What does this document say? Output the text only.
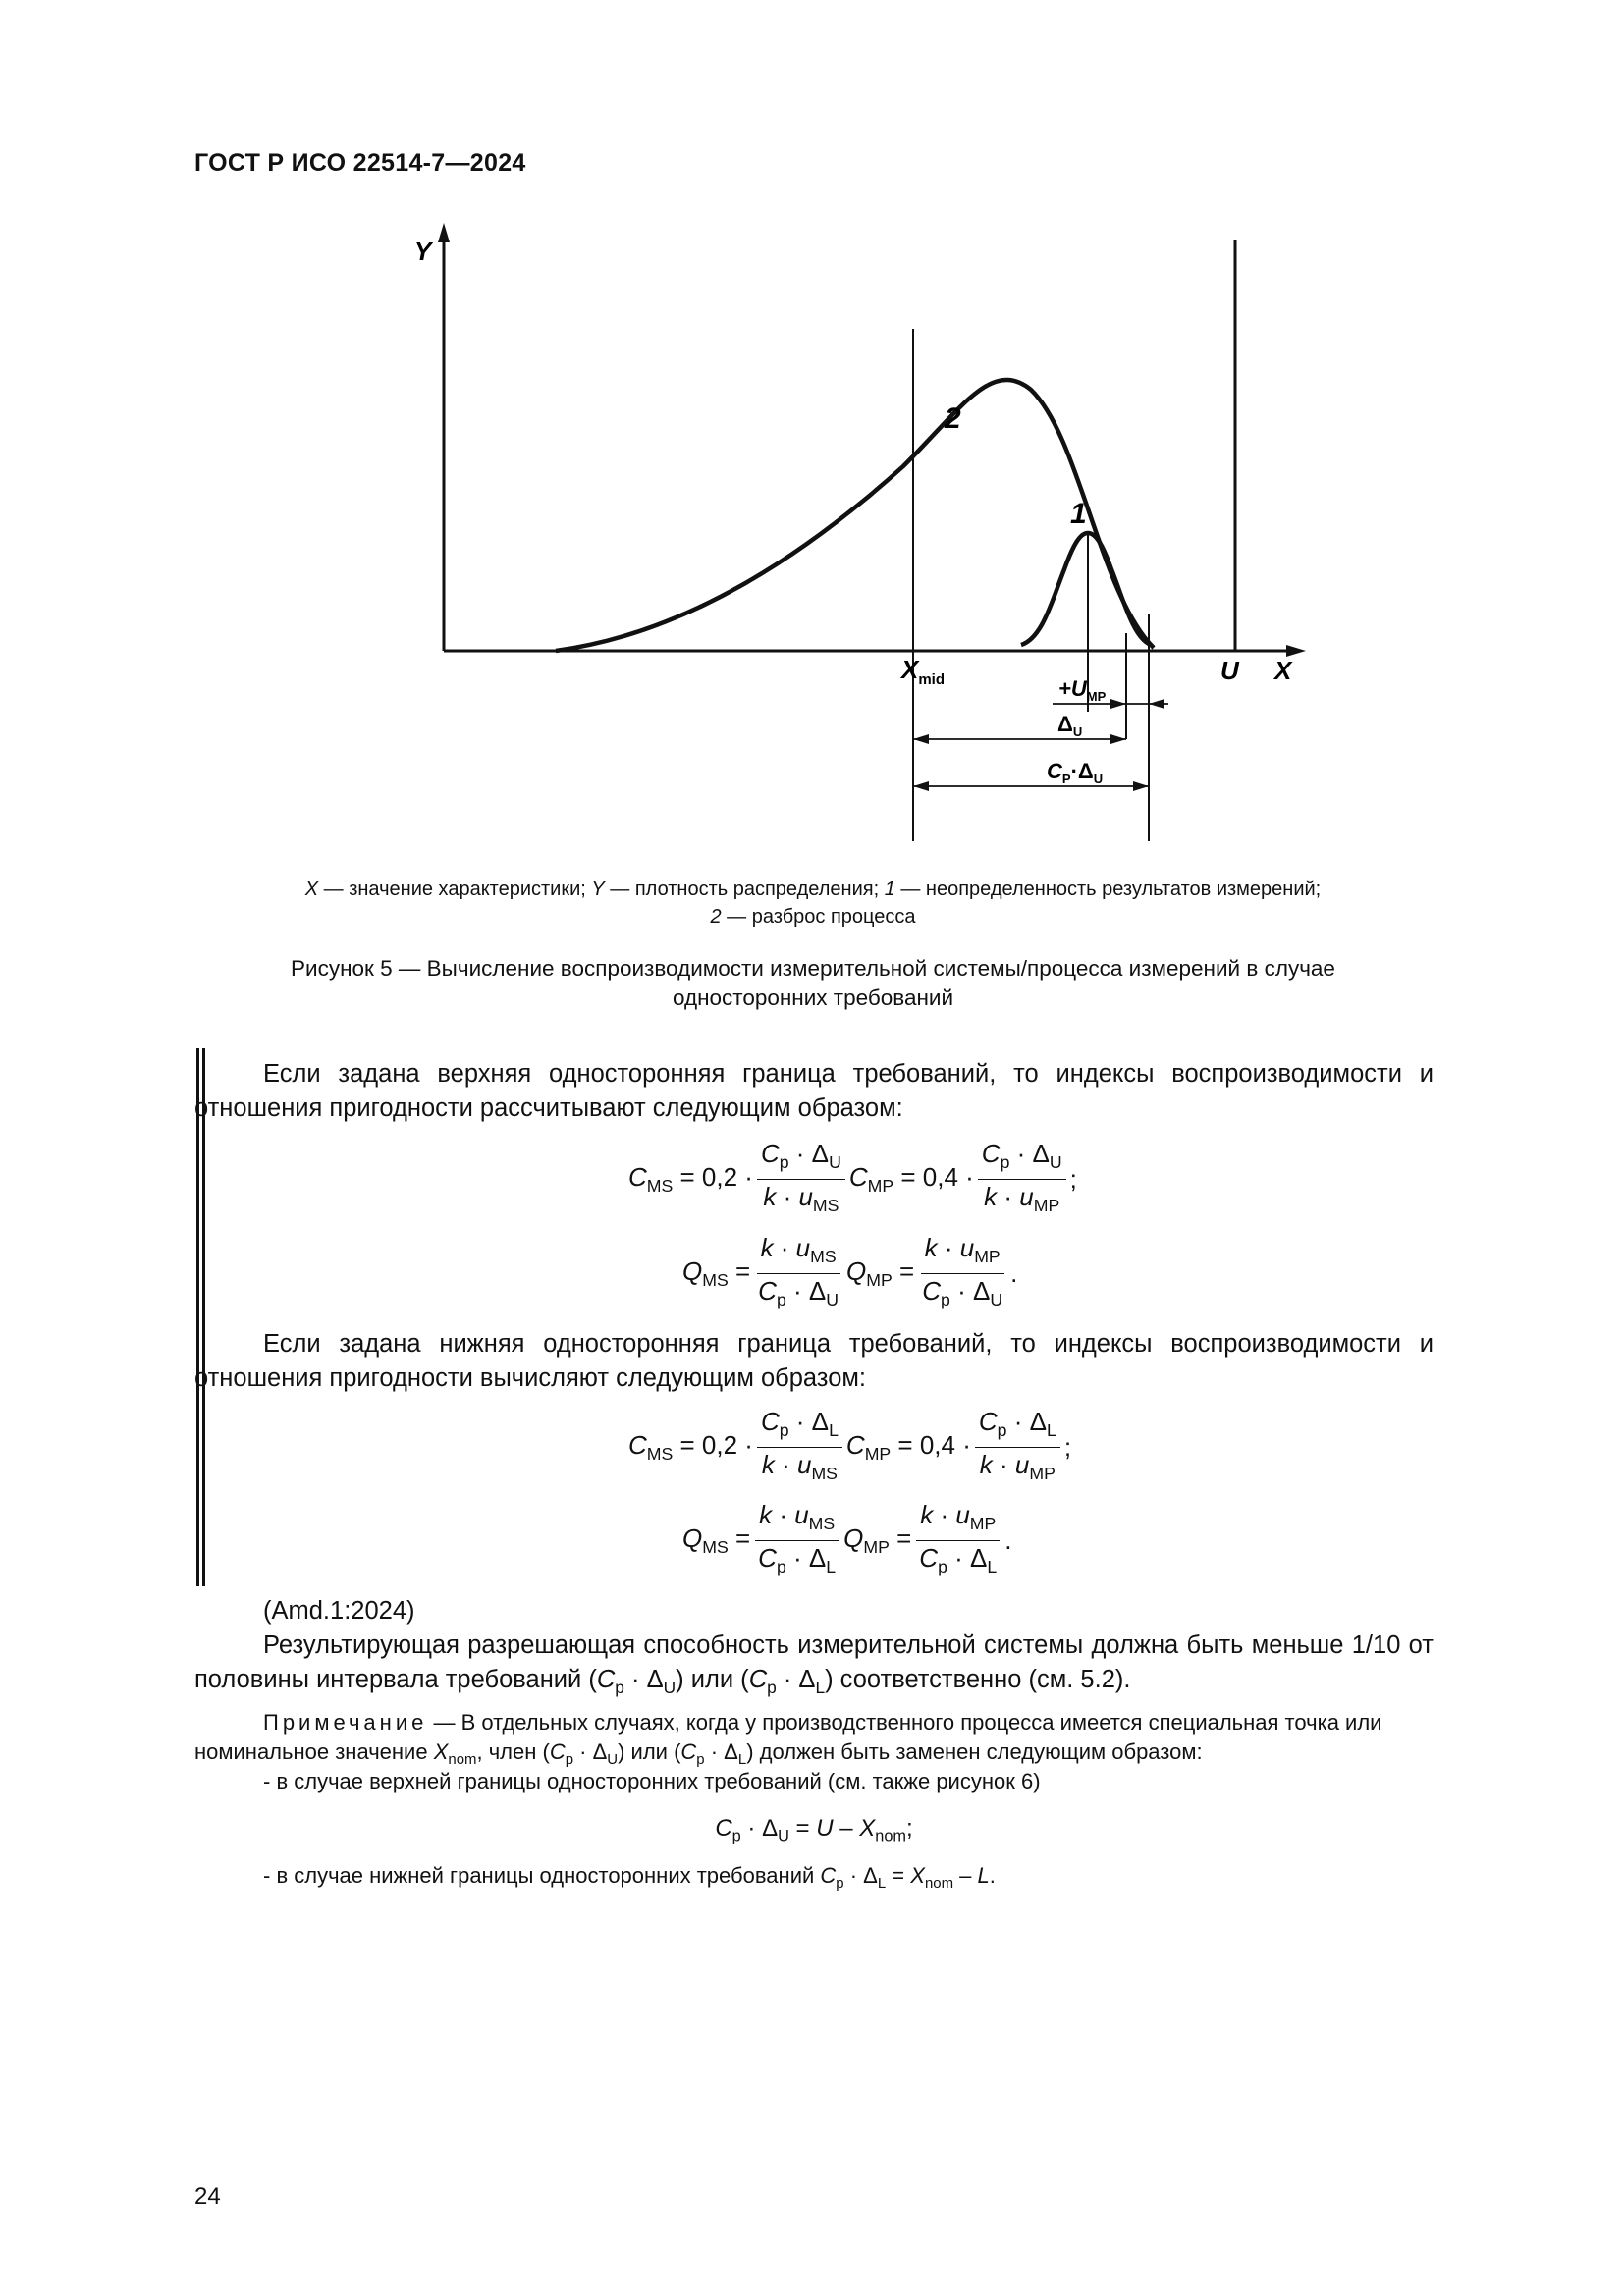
ГОСТ Р ИСО 22514-7—2024
Y
X
U
2
1
$X_{mid}$	$+U_{MP}$
$\Delta_U$
$C_P\cdot\Delta_U$
X — значение характеристики; Y — плотность распределения; 1 — неопределенность результатов измерений;
2 — разброс процесса
Рисунок 5 — Вычисление воспроизводимости измерительной системы/процесса измерений в случае
односторонних требований
Если задана верхняя односторонняя граница требований, то индексы воспроизводимости и отношения пригодности рассчитывают следующим образом:
$C_{MS} = 0,2 \cdot \frac{C_p \cdot \Delta_U}{k \cdot u_{MS}} C_{MP} = 0,4 \cdot \frac{C_p \cdot \Delta_U}{k \cdot u_{MP}}$ ;
$Q_{MS} = \frac{k \cdot u_{MS}}{C_p \cdot \Delta_U} Q_{MP} = \frac{k \cdot u_{MP}}{C_p \cdot \Delta_U}$ .
Если задана нижняя односторонняя граница требований, то индексы воспроизводимости и отношения пригодности вычисляют следующим образом:
$C_{MS} = 0,2 \cdot \frac{C_p \cdot \Delta_L}{k \cdot u_{MS}} C_{MP} = 0,4 \cdot \frac{C_p \cdot \Delta_L}{k \cdot u_{MP}}$ ;
$Q_{MS} = \frac{k \cdot u_{MS}}{C_p \cdot \Delta_L} Q_{MP} = \frac{k \cdot u_{MP}}{C_p \cdot \Delta_L}$ .
(Amd.1:2024)
Результирующая разрешающая способность измерительной системы должна быть меньше 1/10 от половины интервала требований $(C_p \cdot \Delta_U)$ или $(C_p \cdot \Delta_L)$ соответственно (см. 5.2).
Примечание — В отдельных случаях, когда у производственного процесса имеется специальная точка или номинальное значение $X_{nom}$, член $(C_p \cdot \Delta_U)$ или $(C_p \cdot \Delta_L)$ должен быть заменен следующим образом:
- в случае верхней границы односторонних требований (см. также рисунок 6)
$C_p \cdot \Delta_U = U - X_{nom}$;
- в случае нижней границы односторонних требований $C_p \cdot \Delta_L = X_{nom} - L$.
24
